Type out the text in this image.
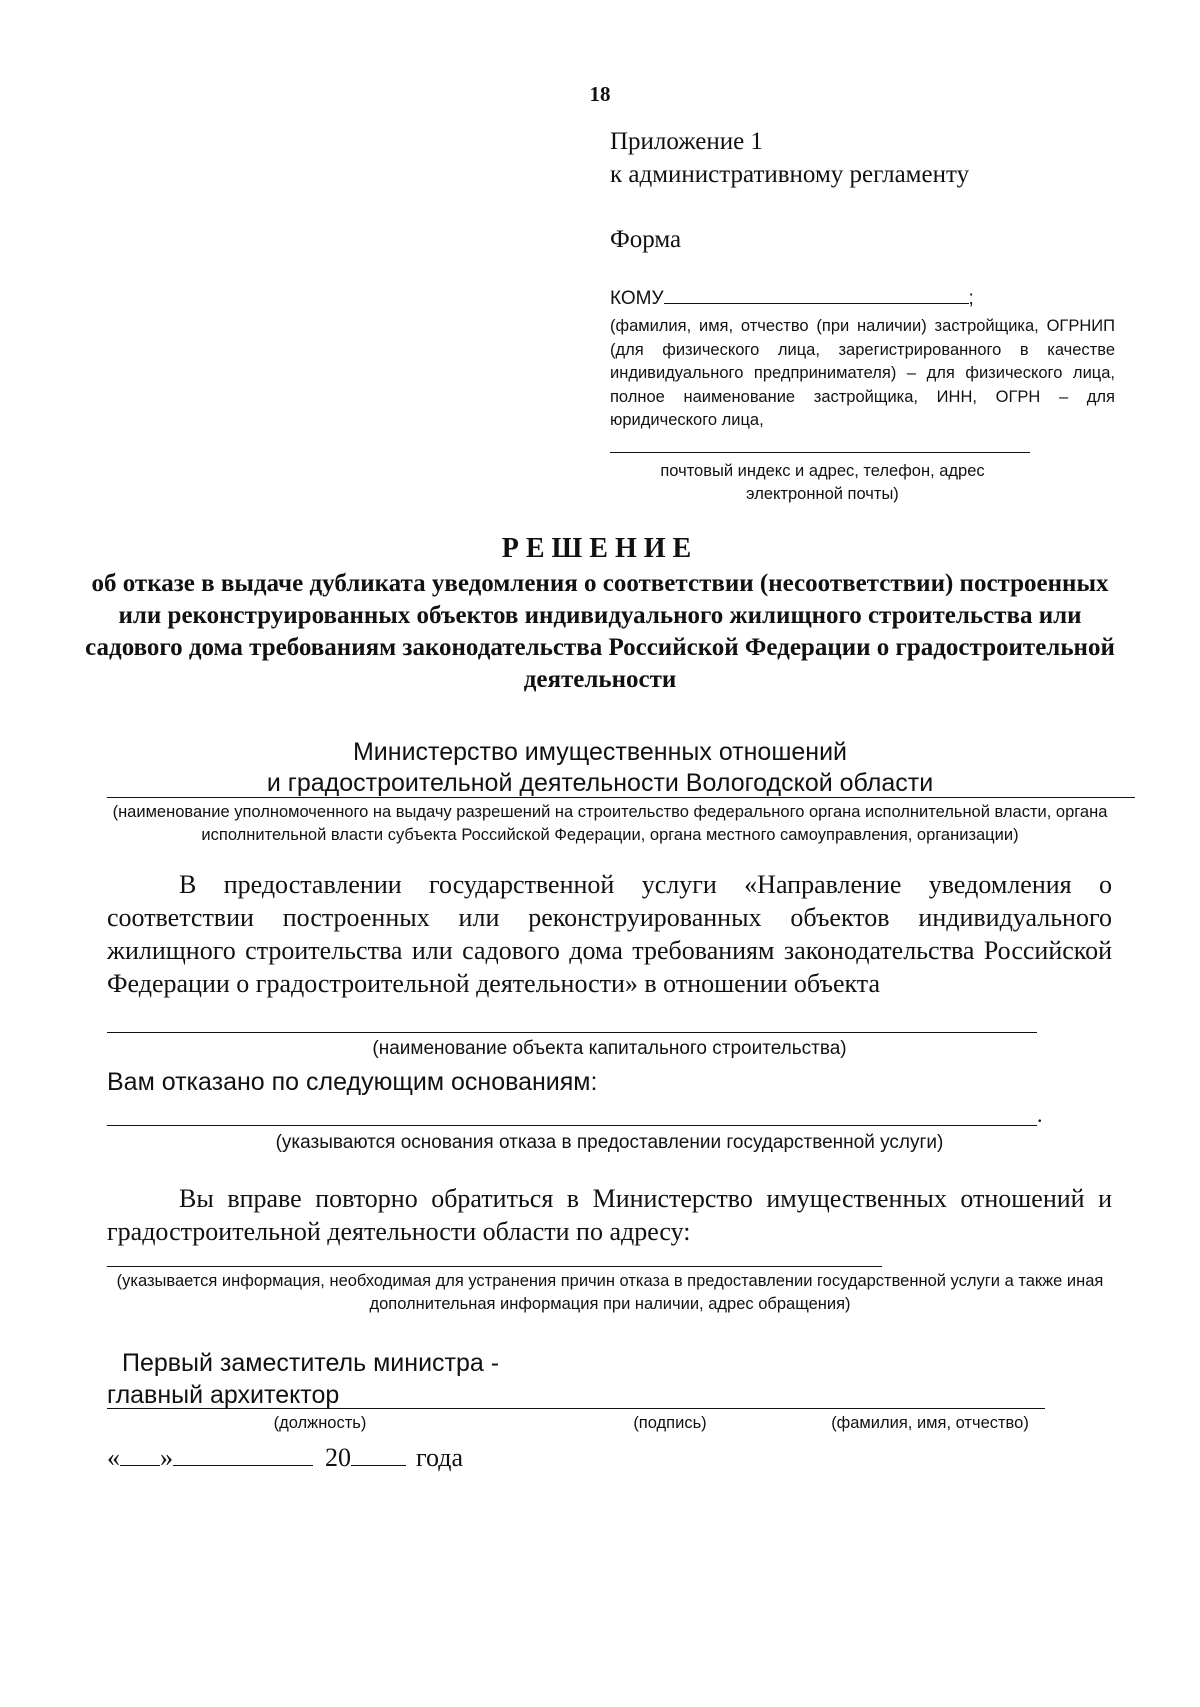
18
Приложение 1
к административному регламенту
Форма
КОМУ	;
(фамилия, имя, отчество (при наличии) застройщика, ОГРНИП (для физического лица, зарегистрированного в качестве индивидуального предпринимателя) – для физического лица, полное наименование застройщика, ИНН, ОГРН – для юридического лица,
почтовый индекс и адрес, телефон, адрес электронной почты)
РЕШЕНИЕ
об отказе в выдаче дубликата уведомления о соответствии (несоответствии) построенных или реконструированных объектов индивидуального жилищного строительства или садового дома требованиям законодательства Российской Федерации о градостроительной деятельности
Министерство имущественных отношений
и градостроительной деятельности Вологодской области
(наименование уполномоченного на выдачу разрешений на строительство федерального органа исполнительной власти, органа исполнительной власти субъекта Российской Федерации, органа местного самоуправления, организации)
В предоставлении государственной услуги «Направление уведомления о соответствии построенных или реконструированных объектов индивидуального жилищного строительства или садового дома требованиям законодательства Российской Федерации о градостроительной деятельности» в отношении объекта
(наименование объекта капитального строительства)
Вам отказано по следующим основаниям:
.
(указываются основания отказа в предоставлении государственной услуги)
Вы вправе повторно обратиться в Министерство имущественных отношений и градостроительной деятельности области по адресу:
(указывается информация, необходимая для устранения причин отказа в предоставлении государственной услуги а также иная дополнительная информация при наличии, адрес обращения)
Первый заместитель министра -
главный архитектор
(должность)	(подпись)	(фамилия, имя, отчество)
« »	20	года
